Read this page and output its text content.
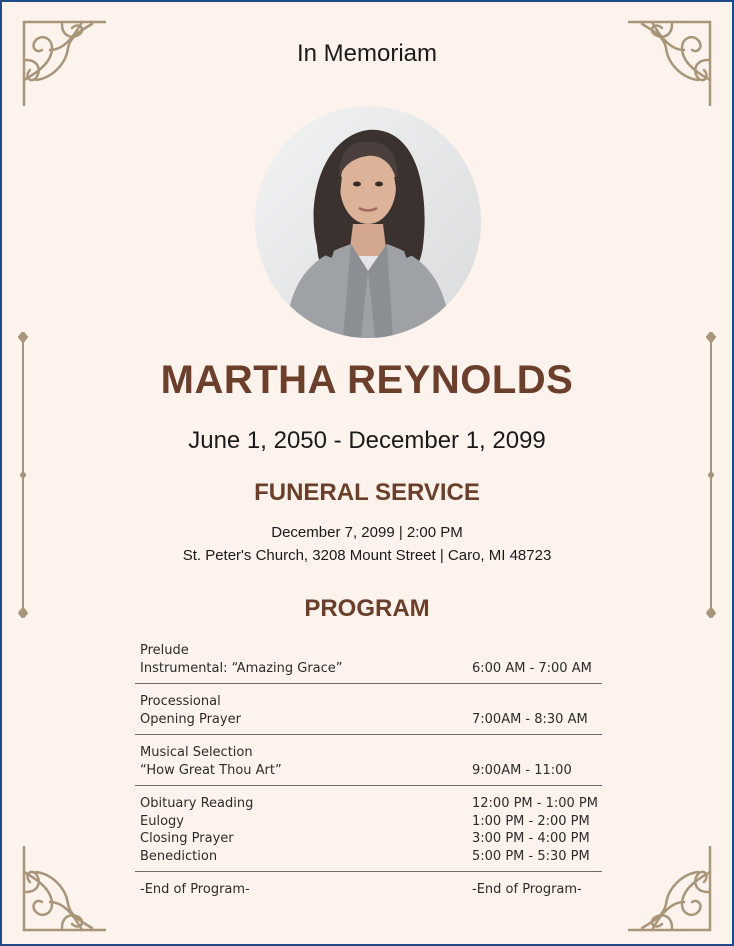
In Memoriam
MARTHA REYNOLDS
June 1, 2050 - December 1, 2099
FUNERAL SERVICE
December 7, 2099 | 2:00 PM
St. Peter's Church, 3208 Mount Street | Caro, MI 48723
PROGRAM
Prelude
Instrumental: “Amazing Grace”	6:00 AM - 7:00 AM
Processional
Opening Prayer	7:00AM - 8:30 AM
Musical Selection
“How Great Thou Art”	9:00AM - 11:00
Obituary Reading	12:00 PM - 1:00 PM
Eulogy	1:00 PM - 2:00 PM
Closing Prayer	3:00 PM - 4:00 PM
Benediction	5:00 PM - 5:30 PM
-End of Program-	-End of Program-
